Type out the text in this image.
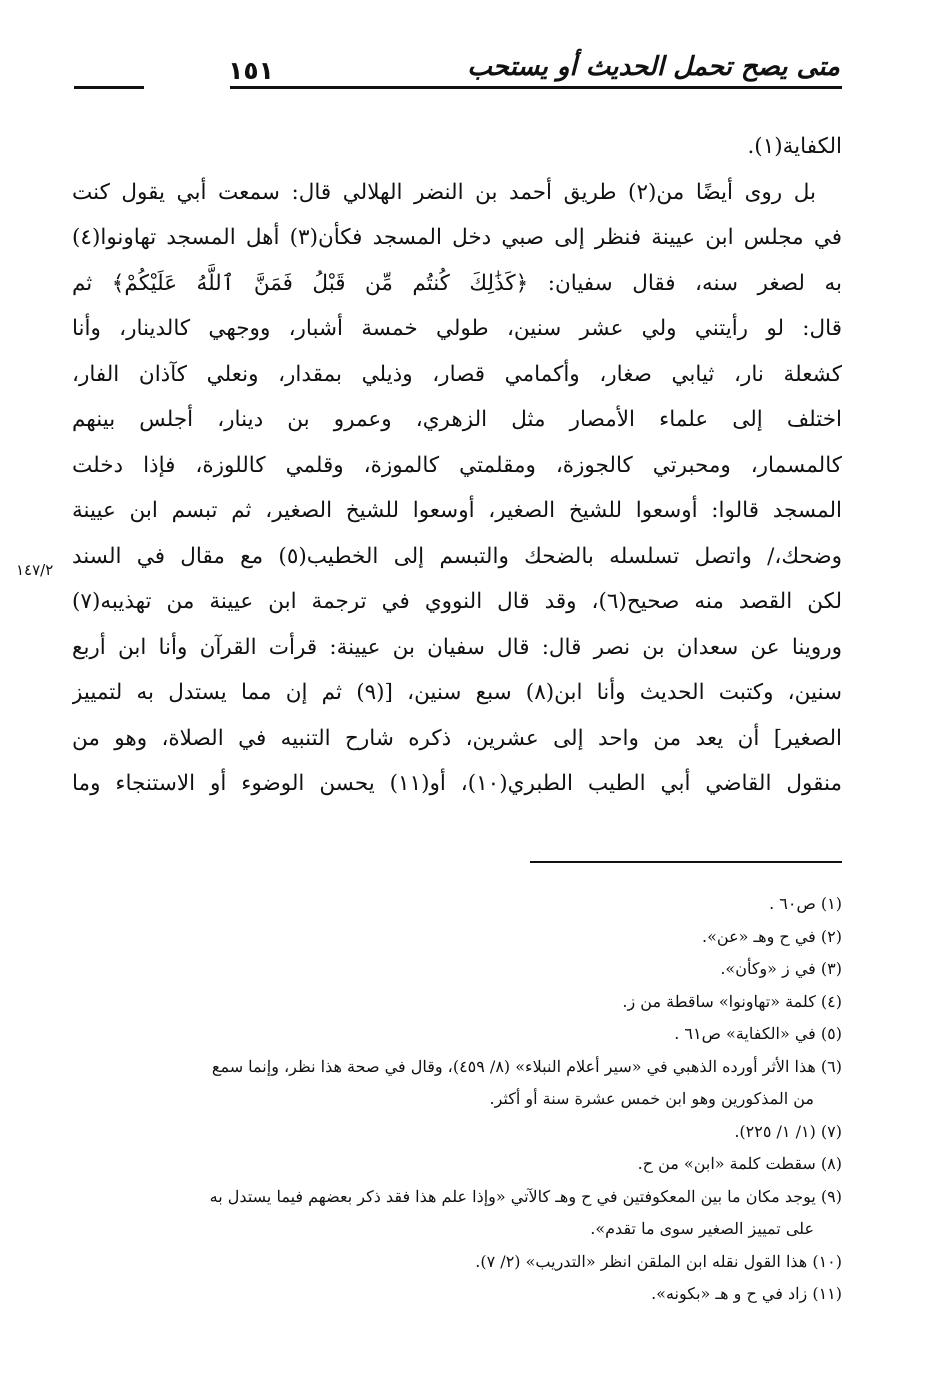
١٥١	متى يصح تحمل الحديث أو يستحب
الكفاية(١).
بل روى أيضًا من(٢) طريق أحمد بن النضر الهلالي قال: سمعت أبي يقول كنت
في مجلس ابن عيينة فنظر إلى صبي دخل المسجد فكأن(٣) أهل المسجد تهاونوا(٤)
به لصغر سنه، فقال سفيان: ﴿كَذَٰلِكَ كُنتُم مِّن قَبْلُ فَمَنَّ ٱللَّهُ عَلَيْكُمْ﴾ ثم
قال: لو رأيتني ولي عشر سنين، طولي خمسة أشبار، ووجهي كالدينار، وأنا
كشعلة نار، ثيابي صغار، وأكمامي قصار، وذيلي بمقدار، ونعلي كآذان الفار،
اختلف إلى علماء الأمصار مثل الزهري، وعمرو بن دينار، أجلس بينهم
كالمسمار، ومحبرتي كالجوزة، ومقلمتي كالموزة، وقلمي كاللوزة، فإذا دخلت
المسجد قالوا: أوسعوا للشيخ الصغير، أوسعوا للشيخ الصغير، ثم تبسم ابن عيينة
وضحك،/ واتصل تسلسله بالضحك والتبسم إلى الخطيب(٥) مع مقال في السند
لكن القصد منه صحيح(٦)، وقد قال النووي في ترجمة ابن عيينة من تهذيبه(٧)
وروينا عن سعدان بن نصر قال: قال سفيان بن عيينة: قرأت القرآن وأنا ابن أربع
سنين، وكتبت الحديث وأنا ابن(٨) سبع سنين، [(٩) ثم إن مما يستدل به لتمييز
الصغير] أن يعد من واحد إلى عشرين، ذكره شارح التنبيه في الصلاة، وهو من
منقول القاضي أبي الطيب الطبري(١٠)، أو(١١) يحسن الوضوء أو الاستنجاء وما
١٤٧/٢
(١) ص٦٠ .
(٢) في ح وهـ «عن».
(٣) في ز «وكأن».
(٤) كلمة «تهاونوا» ساقطة من ز.
(٥) في «الكفاية» ص٦١ .
(٦) هذا الأثر أورده الذهبي في «سير أعلام النبلاء» (٨/ ٤٥٩)، وقال في صحة هذا نظر، وإنما سمع
من المذكورين وهو ابن خمس عشرة سنة أو أكثر.
(٧) (١/ ١/ ٢٢٥).
(٨) سقطت كلمة «ابن» من ح.
(٩) يوجد مكان ما بين المعكوفتين في ح وهـ كالآتي «وإذا علم هذا فقد ذكر بعضهم فيما يستدل به
على تمييز الصغير سوى ما تقدم».
(١٠) هذا القول نقله ابن الملقن انظر «التدريب» (٢/ ٧).
(١١) زاد في ح و هـ «بكونه».
